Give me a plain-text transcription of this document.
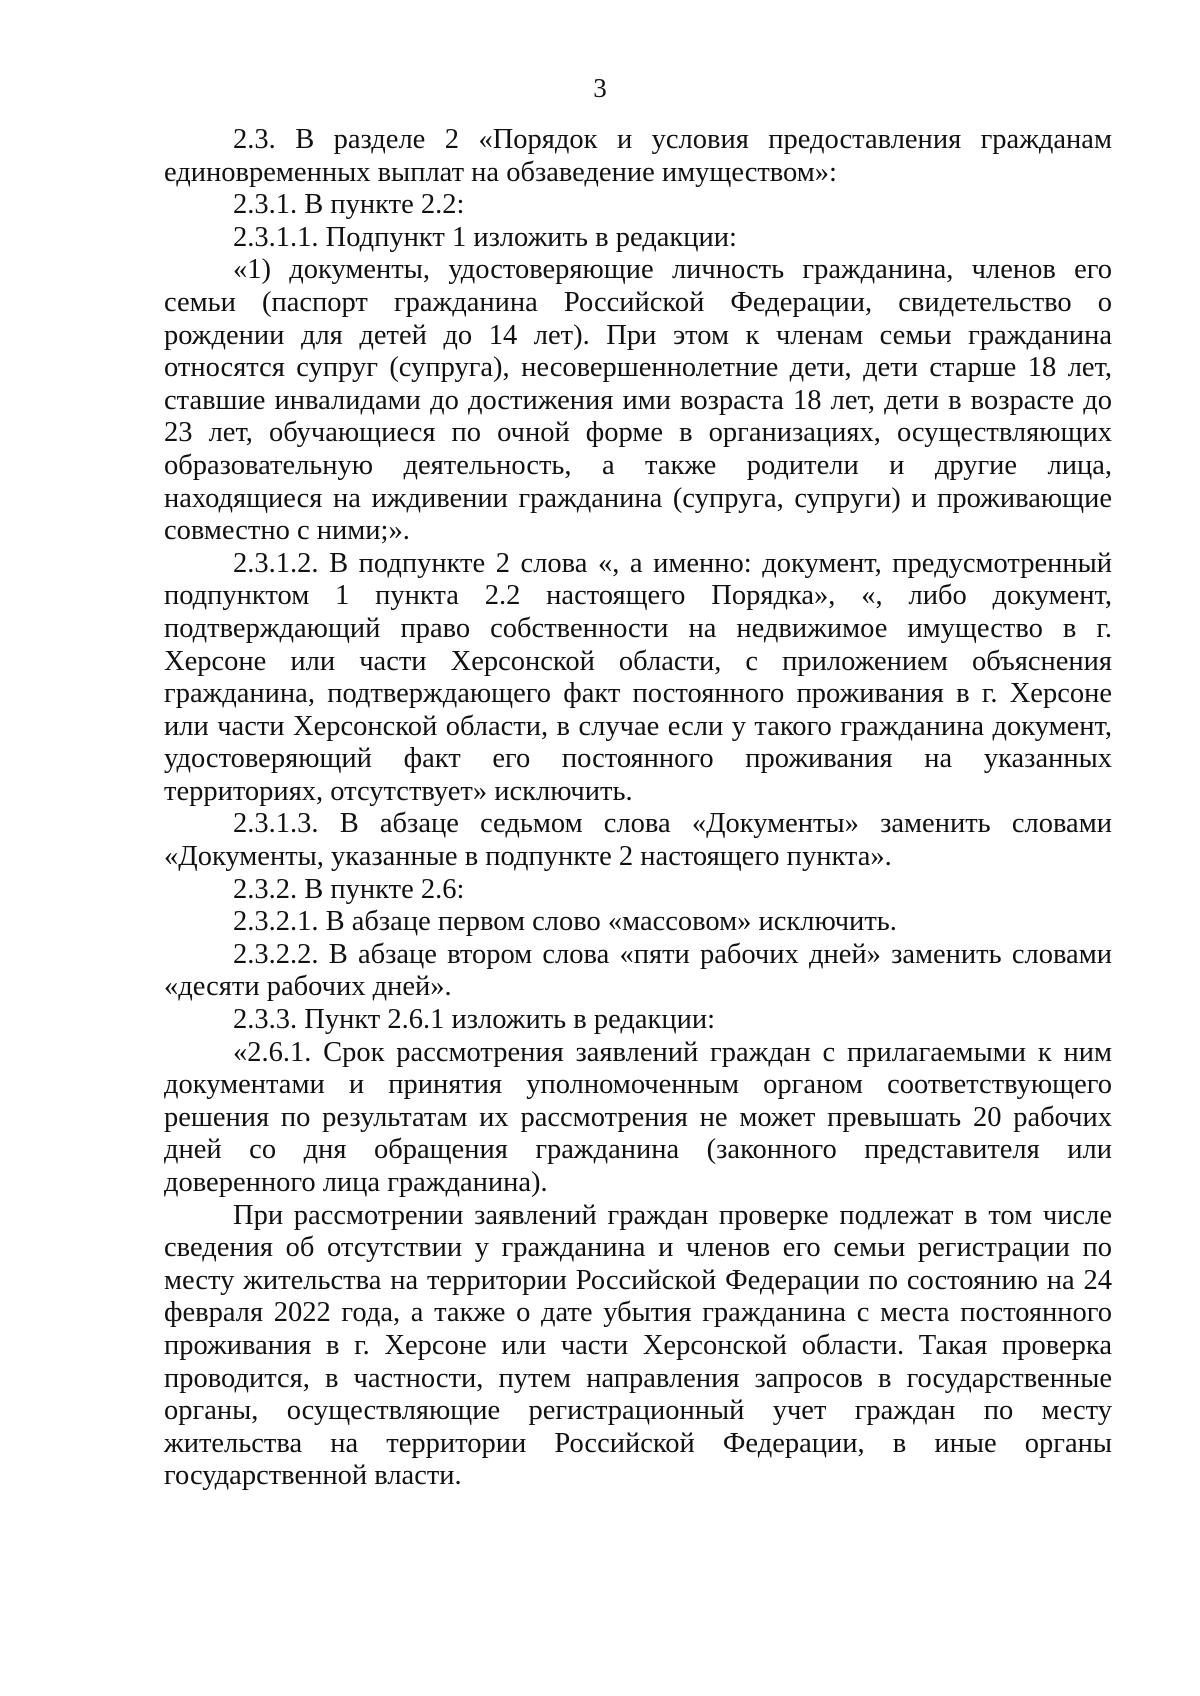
3

2.3. В разделе 2 «Порядок и условия предоставления гражданам единовременных выплат на обзаведение имуществом»:

2.3.1. В пункте 2.2:

2.3.1.1. Подпункт 1 изложить в редакции:

«1) документы, удостоверяющие личность гражданина, членов его семьи (паспорт гражданина Российской Федерации, свидетельство о рождении для детей до 14 лет). При этом к членам семьи гражданина относятся супруг (супруга), несовершеннолетние дети, дети старше 18 лет, ставшие инвалидами до достижения ими возраста 18 лет, дети в возрасте до 23 лет, обучающиеся по очной форме в организациях, осуществляющих образовательную деятельность, а также родители и другие лица, находящиеся на иждивении гражданина (супруга, супруги) и проживающие совместно с ними;».

2.3.1.2. В подпункте 2 слова «, а именно: документ, предусмотренный подпунктом 1 пункта 2.2 настоящего Порядка», «, либо документ, подтверждающий право собственности на недвижимое имущество в г. Херсоне или части Херсонской области, с приложением объяснения гражданина, подтверждающего факт постоянного проживания в г. Херсоне или части Херсонской области, в случае если у такого гражданина документ, удостоверяющий факт его постоянного проживания на указанных территориях, отсутствует» исключить.

2.3.1.3. В абзаце седьмом слова «Документы» заменить словами «Документы, указанные в подпункте 2 настоящего пункта».

2.3.2. В пункте 2.6:

2.3.2.1. В абзаце первом слово «массовом» исключить.

2.3.2.2. В абзаце втором слова «пяти рабочих дней» заменить словами «десяти рабочих дней».

2.3.3. Пункт 2.6.1 изложить в редакции:

«2.6.1. Срок рассмотрения заявлений граждан с прилагаемыми к ним документами и принятия уполномоченным органом соответствующего решения по результатам их рассмотрения не может превышать 20 рабочих дней со дня обращения гражданина (законного представителя или доверенного лица гражданина).

При рассмотрении заявлений граждан проверке подлежат в том числе сведения об отсутствии у гражданина и членов его семьи регистрации по месту жительства на территории Российской Федерации по состоянию на 24 февраля 2022 года, а также о дате убытия гражданина с места постоянного проживания в г. Херсоне или части Херсонской области. Такая проверка проводится, в частности, путем направления запросов в государственные органы, осуществляющие регистрационный учет граждан по месту жительства на территории Российской Федерации, в иные органы государственной власти.
